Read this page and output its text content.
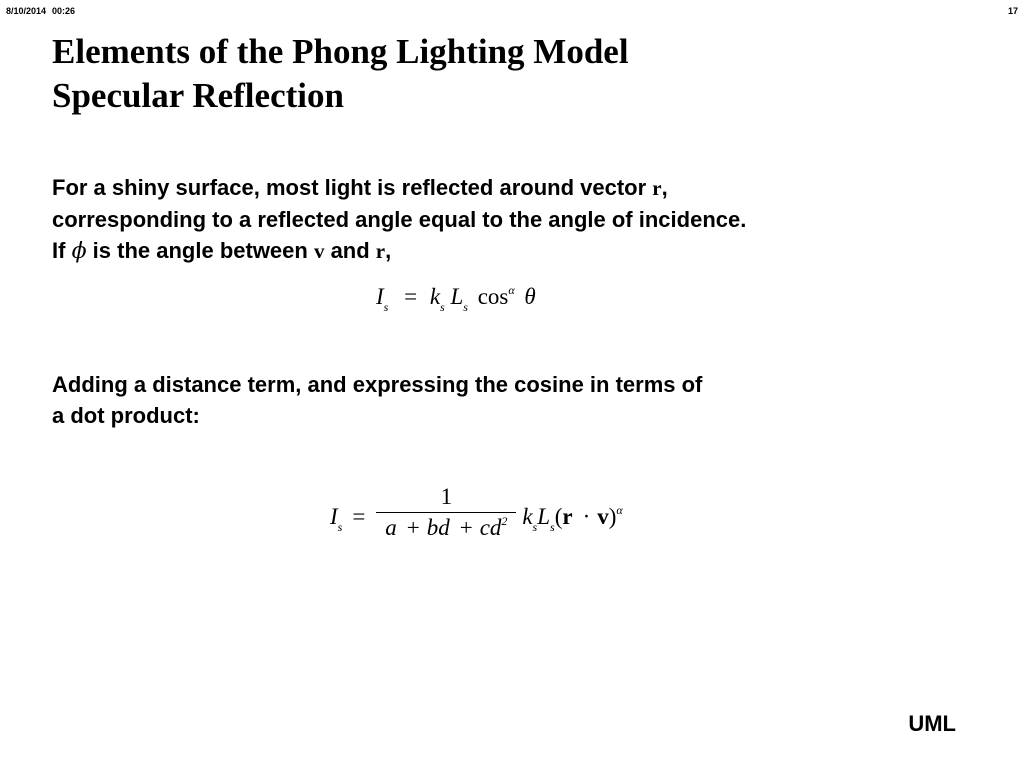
8/10/2014 00:26	17
Elements of the Phong Lighting Model
Specular Reflection
For a shiny surface, most light is reflected around vector r,
corresponding to a reflected angle equal to the angle of incidence.
If ϕ is the angle between v and r,
$I_s = k_s$ $L_s$ $\cos^\alpha \theta$
Adding a distance term, and expressing the cosine in terms of
a dot product:
$I_s = \frac{1}{a + bd + cd^2} k_sL_s(r \cdot v)^\alpha$
UML
